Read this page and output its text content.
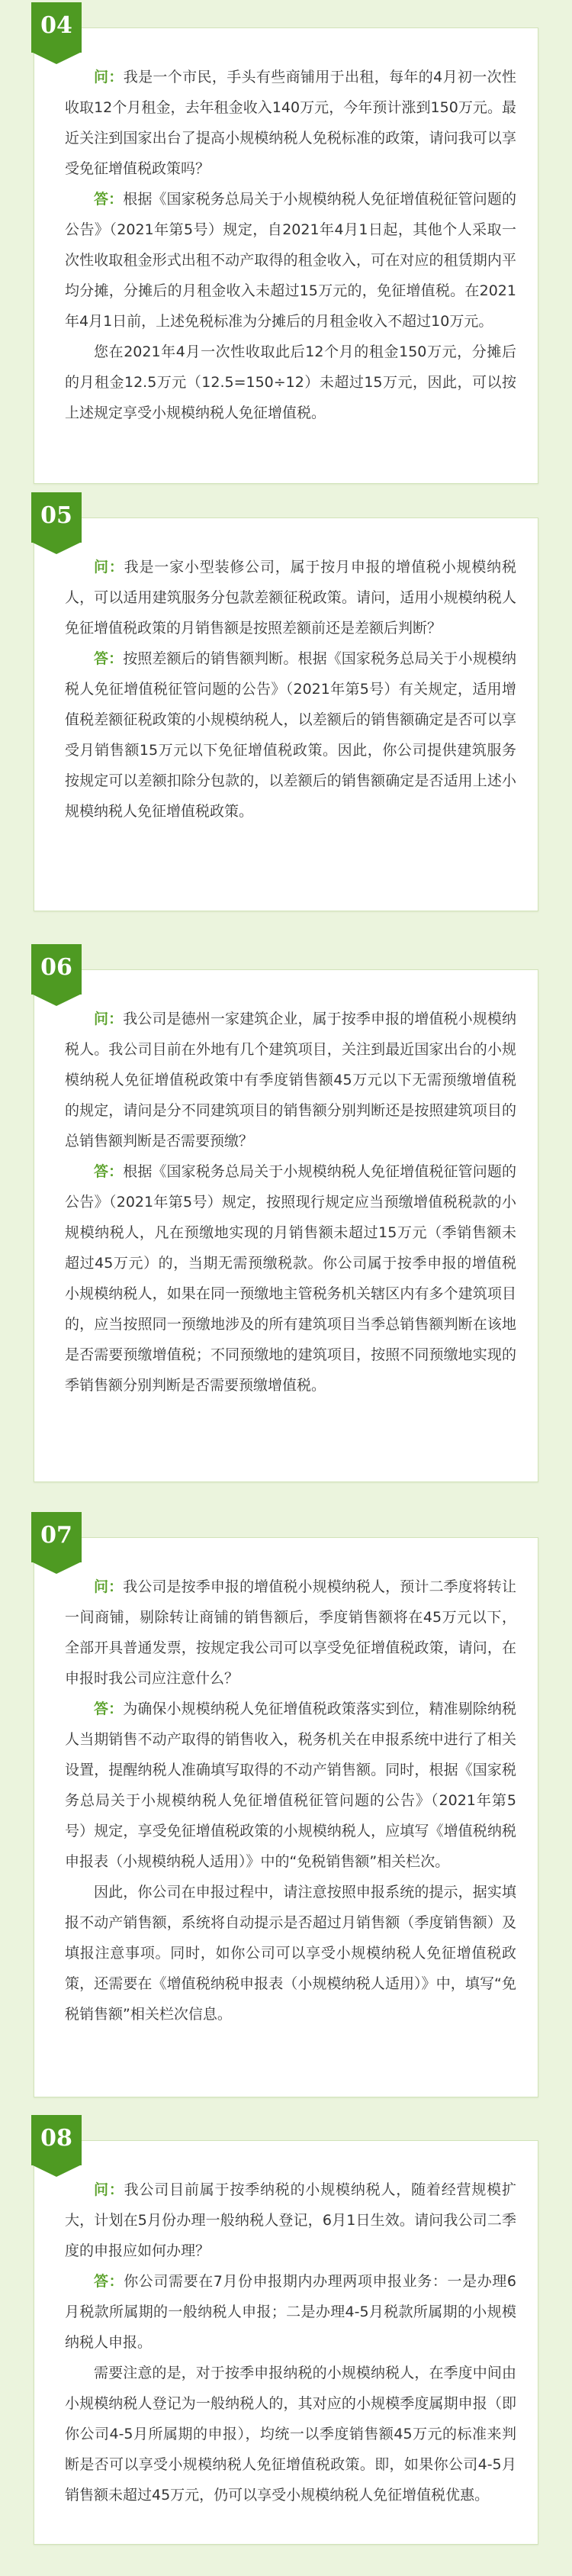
04

问：我是一个市民，手头有些商铺用于出租，每年的4月初一次性收取12个月租金，去年租金收入140万元，今年预计涨到150万元。最近关注到国家出台了提高小规模纳税人免税标准的政策，请问我可以享受免征增值税政策吗？

答：根据《国家税务总局关于小规模纳税人免征增值税征管问题的公告》（2021年第5号）规定，自2021年4月1日起，其他个人采取一次性收取租金形式出租不动产取得的租金收入，可在对应的租赁期内平均分摊，分摊后的月租金收入未超过15万元的，免征增值税。在2021年4月1日前，上述免税标准为分摊后的月租金收入不超过10万元。

您在2021年4月一次性收取此后12个月的租金150万元，分摊后的月租金12.5万元（12.5=150÷12）未超过15万元，因此，可以按上述规定享受小规模纳税人免征增值税。

05

问：我是一家小型装修公司，属于按月申报的增值税小规模纳税人，可以适用建筑服务分包款差额征税政策。请问，适用小规模纳税人免征增值税政策的月销售额是按照差额前还是差额后判断？

答：按照差额后的销售额判断。根据《国家税务总局关于小规模纳税人免征增值税征管问题的公告》（2021年第5号）有关规定，适用增值税差额征税政策的小规模纳税人，以差额后的销售额确定是否可以享受月销售额15万元以下免征增值税政策。因此，你公司提供建筑服务按规定可以差额扣除分包款的，以差额后的销售额确定是否适用上述小规模纳税人免征增值税政策。

06

问：我公司是德州一家建筑企业，属于按季申报的增值税小规模纳税人。我公司目前在外地有几个建筑项目，关注到最近国家出台的小规模纳税人免征增值税政策中有季度销售额45万元以下无需预缴增值税的规定，请问是分不同建筑项目的销售额分别判断还是按照建筑项目的总销售额判断是否需要预缴？

答：根据《国家税务总局关于小规模纳税人免征增值税征管问题的公告》（2021年第5号）规定，按照现行规定应当预缴增值税税款的小规模纳税人，凡在预缴地实现的月销售额未超过15万元（季销售额未超过45万元）的，当期无需预缴税款。你公司属于按季申报的增值税小规模纳税人，如果在同一预缴地主管税务机关辖区内有多个建筑项目的，应当按照同一预缴地涉及的所有建筑项目当季总销售额判断在该地是否需要预缴增值税；不同预缴地的建筑项目，按照不同预缴地实现的季销售额分别判断是否需要预缴增值税。

07

问：我公司是按季申报的增值税小规模纳税人，预计二季度将转让一间商铺，剔除转让商铺的销售额后，季度销售额将在45万元以下，全部开具普通发票，按规定我公司可以享受免征增值税政策，请问，在申报时我公司应注意什么？

答：为确保小规模纳税人免征增值税政策落实到位，精准剔除纳税人当期销售不动产取得的销售收入，税务机关在申报系统中进行了相关设置，提醒纳税人准确填写取得的不动产销售额。同时，根据《国家税务总局关于小规模纳税人免征增值税征管问题的公告》（2021年第5号）规定，享受免征增值税政策的小规模纳税人，应填写《增值税纳税申报表（小规模纳税人适用）》中的“免税销售额”相关栏次。

因此，你公司在申报过程中，请注意按照申报系统的提示，据实填报不动产销售额，系统将自动提示是否超过月销售额（季度销售额）及填报注意事项。同时，如你公司可以享受小规模纳税人免征增值税政策，还需要在《增值税纳税申报表（小规模纳税人适用）》中，填写“免税销售额”相关栏次信息。

08

问：我公司目前属于按季纳税的小规模纳税人，随着经营规模扩大，计划在5月份办理一般纳税人登记，6月1日生效。请问我公司二季度的申报应如何办理？

答：你公司需要在7月份申报期内办理两项申报业务：一是办理6月税款所属期的一般纳税人申报；二是办理4-5月税款所属期的小规模纳税人申报。

需要注意的是，对于按季申报纳税的小规模纳税人，在季度中间由小规模纳税人登记为一般纳税人的，其对应的小规模季度属期申报（即你公司4-5月所属期的申报），均统一以季度销售额45万元的标准来判断是否可以享受小规模纳税人免征增值税政策。即，如果你公司4-5月销售额未超过45万元，仍可以享受小规模纳税人免征增值税优惠。
